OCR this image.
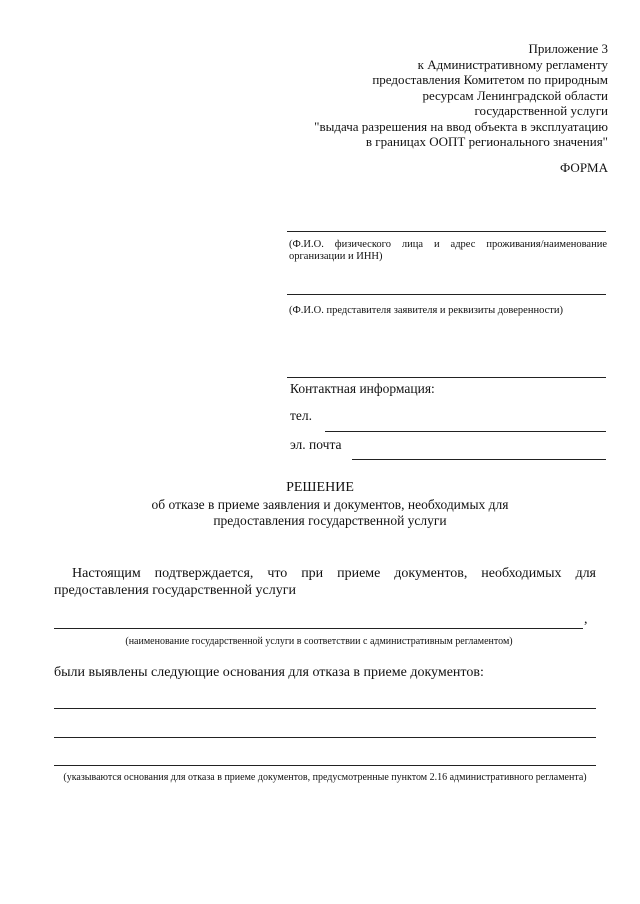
Приложение 3
к Административному регламенту
предоставления Комитетом по природным
ресурсам Ленинградской области
государственной услуги
"выдача разрешения на ввод объекта в эксплуатацию
в границах ООПТ регионального значения"
ФОРМА
(Ф.И.О. физического лица и адрес проживания/наименование организации и ИНН)
(Ф.И.О. представителя заявителя и реквизиты доверенности)
Контактная информация:
тел.
эл. почта
РЕШЕНИЕ
об отказе в приеме заявления и документов, необходимых для предоставления государственной услуги
Настоящим подтверждается, что при приеме документов, необходимых для
предоставления государственной услуги
,
(наименование государственной услуги в соответствии с административным регламентом)
были выявлены следующие основания для отказа в приеме документов:
(указываются основания для отказа в приеме документов, предусмотренные пунктом 2.16 административного регламента)
